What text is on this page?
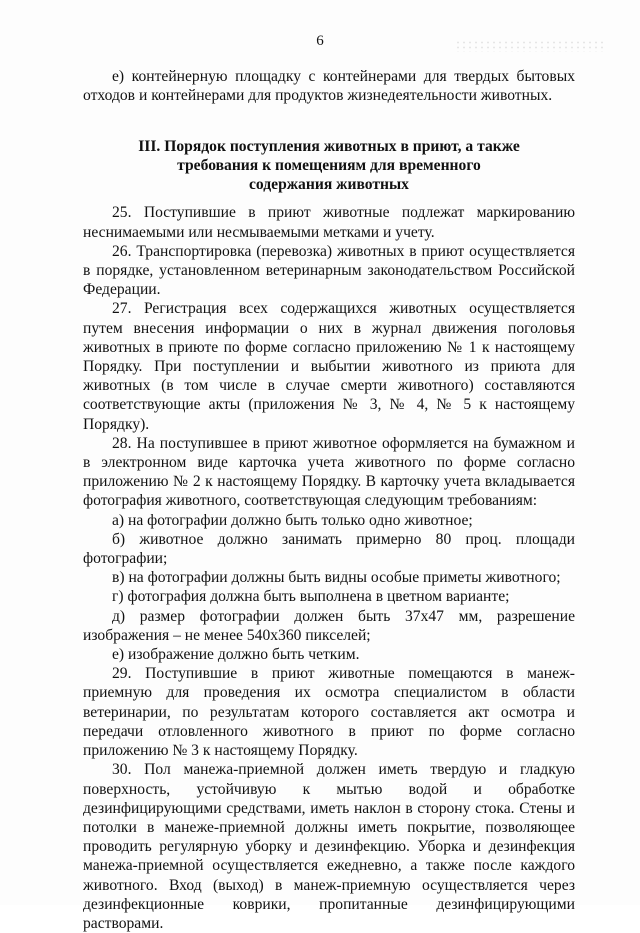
6

е) контейнерную площадку с контейнерами для твердых бытовых отходов и контейнерами для продуктов жизнедеятельности животных.

III. Порядок поступления животных в приют, а также
требования к помещениям для временного
содержания животных

25. Поступившие в приют животные подлежат маркированию неснимаемыми или несмываемыми метками и учету.

26. Транспортировка (перевозка) животных в приют осуществляется в порядке, установленном ветеринарным законодательством Российской Федерации.

27. Регистрация всех содержащихся животных осуществляется путем внесения информации о них в журнал движения поголовья животных в приюте по форме согласно приложению № 1 к настоящему Порядку. При поступлении и выбытии животного из приюта для животных (в том числе в случае смерти животного) составляются соответствующие акты (приложения № 3, № 4, № 5 к настоящему Порядку).

28. На поступившее в приют животное оформляется на бумажном и в электронном виде карточка учета животного по форме согласно приложению № 2 к настоящему Порядку. В карточку учета вкладывается фотография животного, соответствующая следующим требованиям:

а) на фотографии должно быть только одно животное;

б) животное должно занимать примерно 80 проц. площади фотографии;

в) на фотографии должны быть видны особые приметы животного;

г) фотография должна быть выполнена в цветном варианте;

д) размер фотографии должен быть 37x47 мм, разрешение изображения – не менее 540x360 пикселей;

е) изображение должно быть четким.

29. Поступившие в приют животные помещаются в манеж-приемную для проведения их осмотра специалистом в области ветеринарии, по результатам которого составляется акт осмотра и передачи отловленного животного в приют по форме согласно приложению № 3 к настоящему Порядку.

30. Пол манежа-приемной должен иметь твердую и гладкую поверхность, устойчивую к мытью водой и обработке дезинфицирующими средствами, иметь наклон в сторону стока. Стены и потолки в манеже-приемной должны иметь покрытие, позволяющее проводить регулярную уборку и дезинфекцию. Уборка и дезинфекция манежа-приемной осуществляется ежедневно, а также после каждого животного. Вход (выход) в манеж-приемную осуществляется через дезинфекционные коврики, пропитанные дезинфицирующими растворами.
